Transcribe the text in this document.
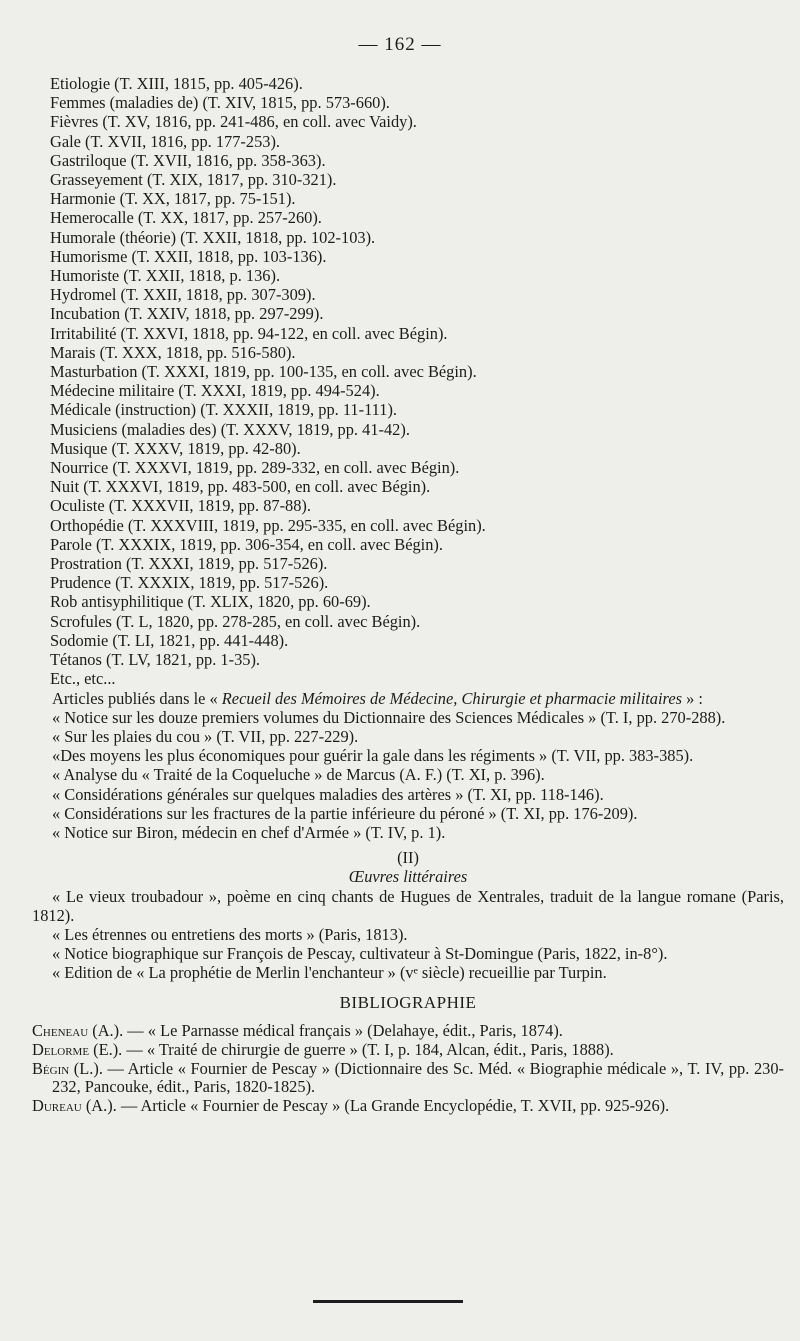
— 162 —
Etiologie (T. XIII, 1815, pp. 405-426).
Femmes (maladies de) (T. XIV, 1815, pp. 573-660).
Fièvres (T. XV, 1816, pp. 241-486, en coll. avec Vaidy).
Gale (T. XVII, 1816, pp. 177-253).
Gastriloque (T. XVII, 1816, pp. 358-363).
Grasseyement (T. XIX, 1817, pp. 310-321).
Harmonie (T. XX, 1817, pp. 75-151).
Hemerocalle (T. XX, 1817, pp. 257-260).
Humorale (théorie) (T. XXII, 1818, pp. 102-103).
Humorisme (T. XXII, 1818, pp. 103-136).
Humoriste (T. XXII, 1818, p. 136).
Hydromel (T. XXII, 1818, pp. 307-309).
Incubation (T. XXIV, 1818, pp. 297-299).
Irritabilité (T. XXVI, 1818, pp. 94-122, en coll. avec Bégin).
Marais (T. XXX, 1818, pp. 516-580).
Masturbation (T. XXXI, 1819, pp. 100-135, en coll. avec Bégin).
Médecine militaire (T. XXXI, 1819, pp. 494-524).
Médicale (instruction) (T. XXXII, 1819, pp. 11-111).
Musiciens (maladies des) (T. XXXV, 1819, pp. 41-42).
Musique (T. XXXV, 1819, pp. 42-80).
Nourrice (T. XXXVI, 1819, pp. 289-332, en coll. avec Bégin).
Nuit (T. XXXVI, 1819, pp. 483-500, en coll. avec Bégin).
Oculiste (T. XXXVII, 1819, pp. 87-88).
Orthopédie (T. XXXVIII, 1819, pp. 295-335, en coll. avec Bégin).
Parole (T. XXXIX, 1819, pp. 306-354, en coll. avec Bégin).
Prostration (T. XXXI, 1819, pp. 517-526).
Prudence (T. XXXIX, 1819, pp. 517-526).
Rob antisyphilitique (T. XLIX, 1820, pp. 60-69).
Scrofules (T. L, 1820, pp. 278-285, en coll. avec Bégin).
Sodomie (T. LI, 1821, pp. 441-448).
Tétanos (T. LV, 1821, pp. 1-35).
Etc., etc...
Articles publiés dans le « Recueil des Mémoires de Médecine, Chirurgie et pharmacie militaires » :
« Notice sur les douze premiers volumes du Dictionnaire des Sciences Médicales » (T. I, pp. 270-288).
« Sur les plaies du cou » (T. VII, pp. 227-229).
«Des moyens les plus économiques pour guérir la gale dans les régiments » (T. VII, pp. 383-385).
« Analyse du « Traité de la Coqueluche » de Marcus (A. F.) (T. XI, p. 396).
« Considérations générales sur quelques maladies des artères » (T. XI, pp. 118-146).
« Considérations sur les fractures de la partie inférieure du péroné » (T. XI, pp. 176-209).
« Notice sur Biron, médecin en chef d'Armée » (T. IV, p. 1).
(II)
Œuvres littéraires
« Le vieux troubadour », poème en cinq chants de Hugues de Xentrales, traduit de la langue romane (Paris, 1812).
« Les étrennes ou entretiens des morts » (Paris, 1813).
« Notice biographique sur François de Pescay, cultivateur à St-Domingue (Paris, 1822, in-8°).
« Edition de « La prophétie de Merlin l'enchanteur » (vᵉ siècle) recueillie par Turpin.
BIBLIOGRAPHIE
Cheneau (A.). — « Le Parnasse médical français » (Delahaye, édit., Paris, 1874).
Delorme (E.). — « Traité de chirurgie de guerre » (T. I, p. 184, Alcan, édit., Paris, 1888).
Bégin (L.). — Article « Fournier de Pescay » (Dictionnaire des Sc. Méd. « Biographie médicale », T. IV, pp. 230-232, Pancouke, édit., Paris, 1820-1825).
Dureau (A.). — Article « Fournier de Pescay » (La Grande Encyclopédie, T. XVII, pp. 925-926).
